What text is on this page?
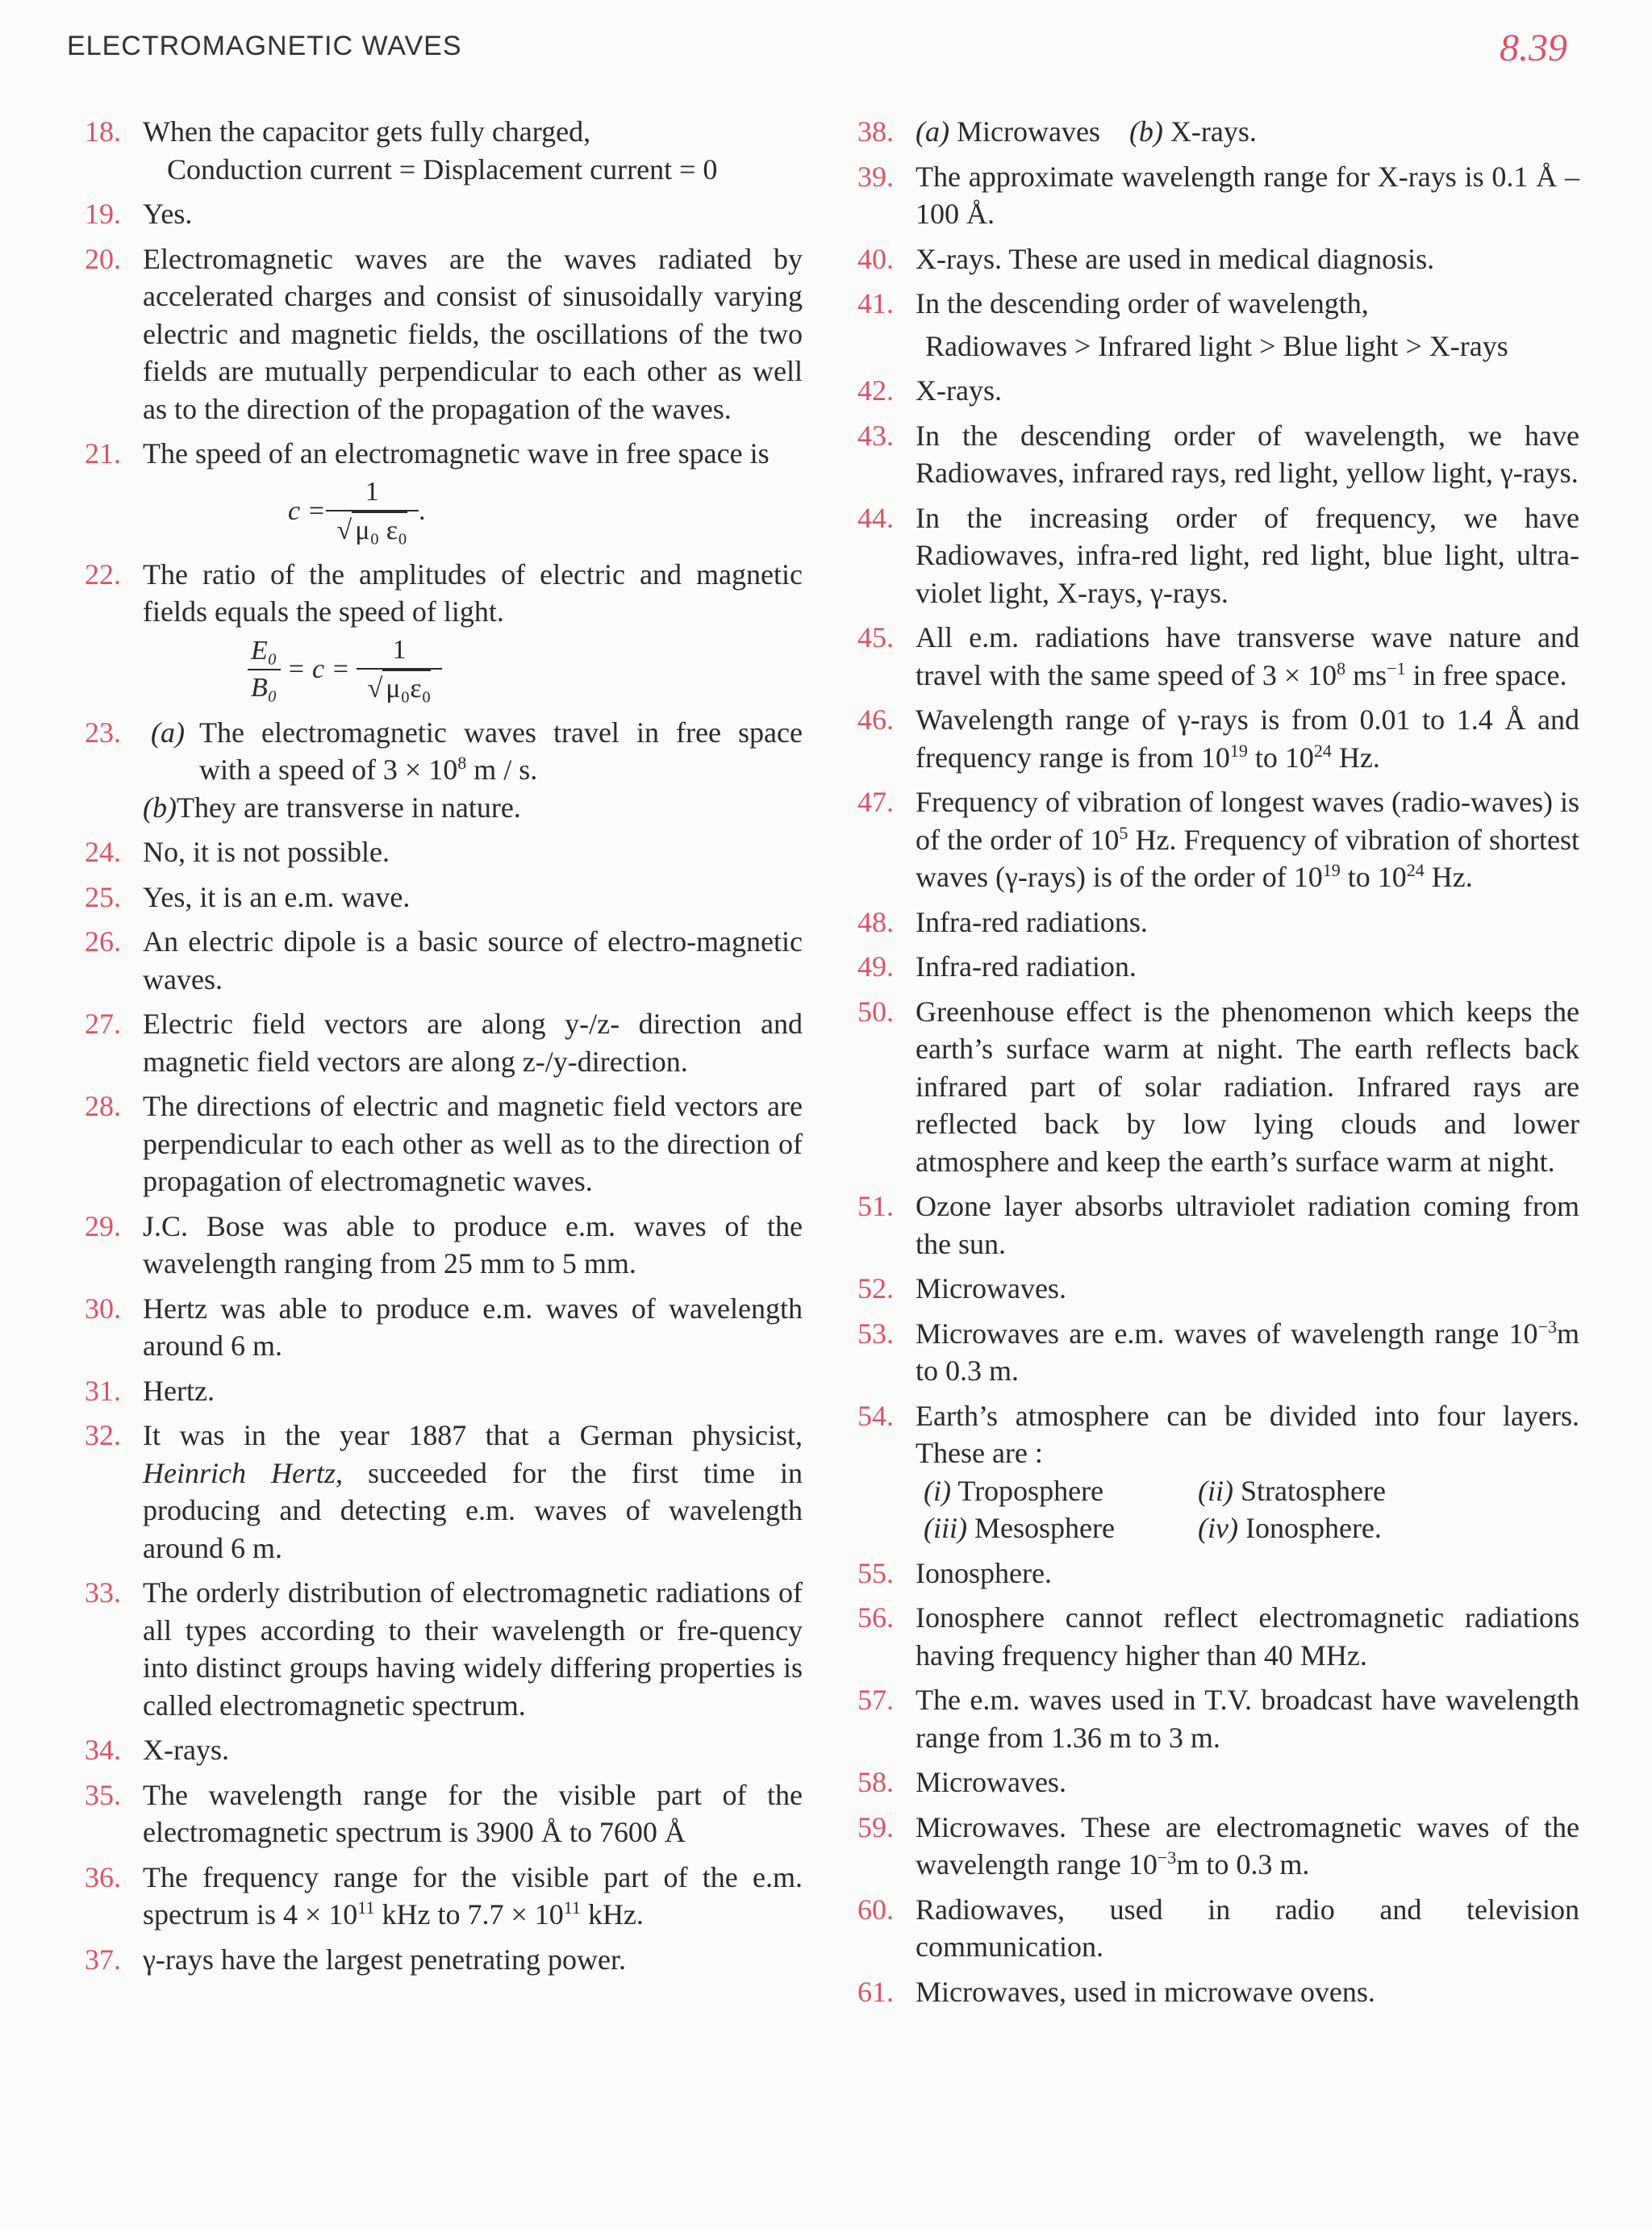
ELECTROMAGNETIC WAVES	8.39
18. When the capacitor gets fully charged,
Conduction current = Displacement current = 0
19. Yes.
20. Electromagnetic waves are the waves radiated by accelerated charges and consist of sinusoidally varying electric and magnetic fields, the oscillations of the two fields are mutually perpendicular to each other as well as to the direction of the propagation of the waves.
21. The speed of an electromagnetic wave in free space is
$c = \frac{1}{\text{√ μ₀ ε₀}}$ .
22. The ratio of the amplitudes of electric and magnetic fields equals the speed of light.
$\frac{\text{E₀}}{\text{B₀}} = c = \frac{1}{\text{√ μ₀ε₀}}$
23. (a) The electromagnetic waves travel in free space with a speed of $3 \times 10^8$ m / s.
(b) They are transverse in nature.
24. No, it is not possible.
25. Yes, it is an e.m. wave.
26. An electric dipole is a basic source of electro-magnetic waves.
27. Electric field vectors are along y-/z- direction and magnetic field vectors are along z-/y-direction.
28. The directions of electric and magnetic field vectors are perpendicular to each other as well as to the direction of propagation of electromagnetic waves.
29. J.C. Bose was able to produce e.m. waves of the wavelength ranging from 25 mm to 5 mm.
30. Hertz was able to produce e.m. waves of wavelength around 6 m.
31. Hertz.
32. It was in the year 1887 that a German physicist, Heinrich Hertz, succeeded for the first time in producing and detecting e.m. waves of wavelength around 6 m.
33. The orderly distribution of electromagnetic radiations of all types according to their wavelength or fre-quency into distinct groups having widely differing properties is called electromagnetic spectrum.
34. X-rays.
35. The wavelength range for the visible part of the electromagnetic spectrum is 3900 Å to 7600 Å
36. The frequency range for the visible part of the e.m. spectrum is $4 \times 10^{11}$ kHz to $7.7 \times 10^{11}$ kHz.
37. γ-rays have the largest penetrating power.
38. (a) Microwaves (b) X-rays.
39. The approximate wavelength range for X-rays is 0.1 Å – 100 Å.
40. X-rays. These are used in medical diagnosis.
41. In the descending order of wavelength,
Radiowaves > Infrared light > Blue light > X-rays
42. X-rays.
43. In the descending order of wavelength, we have Radiowaves, infrared rays, red light, yellow light, γ-rays.
44. In the increasing order of frequency, we have Radiowaves, infra-red light, red light, blue light, ultra-violet light, X-rays, γ-rays.
45. All e.m. radiations have transverse wave nature and travel with the same speed of $3 \times 10^8$ $ms^{-1}$ in free space.
46. Wavelength range of γ-rays is from 0.01 to 1.4 Å and frequency range is from $10^{19}$ to $10^{24}$ Hz.
47. Frequency of vibration of longest waves (radio-waves) is of the order of $10^5$ Hz. Frequency of vibration of shortest waves (γ-rays) is of the order of $10^{19}$ to $10^{24}$ Hz.
48. Infra-red radiations.
49. Infra-red radiation.
50. Greenhouse effect is the phenomenon which keeps the earth’s surface warm at night. The earth reflects back infrared part of solar radiation. Infrared rays are reflected back by low lying clouds and lower atmosphere and keep the earth’s surface warm at night.
51. Ozone layer absorbs ultraviolet radiation coming from the sun.
52. Microwaves.
53. Microwaves are e.m. waves of wavelength range $10^{-3}m$ to 0.3 m.
54. Earth’s atmosphere can be divided into four layers. These are :
(i) Troposphere	(ii) Stratosphere
(iii) Mesosphere	(iv) Ionosphere.
55. Ionosphere.
56. Ionosphere cannot reflect electromagnetic radiations having frequency higher than 40 MHz.
57. The e.m. waves used in T.V. broadcast have wavelength range from 1.36 m to 3 m.
58. Microwaves.
59. Microwaves. These are electromagnetic waves of the wavelength range $10^{-3}m$ to 0.3 m.
60. Radiowaves, used in radio and television communication.
61. Microwaves, used in microwave ovens.
